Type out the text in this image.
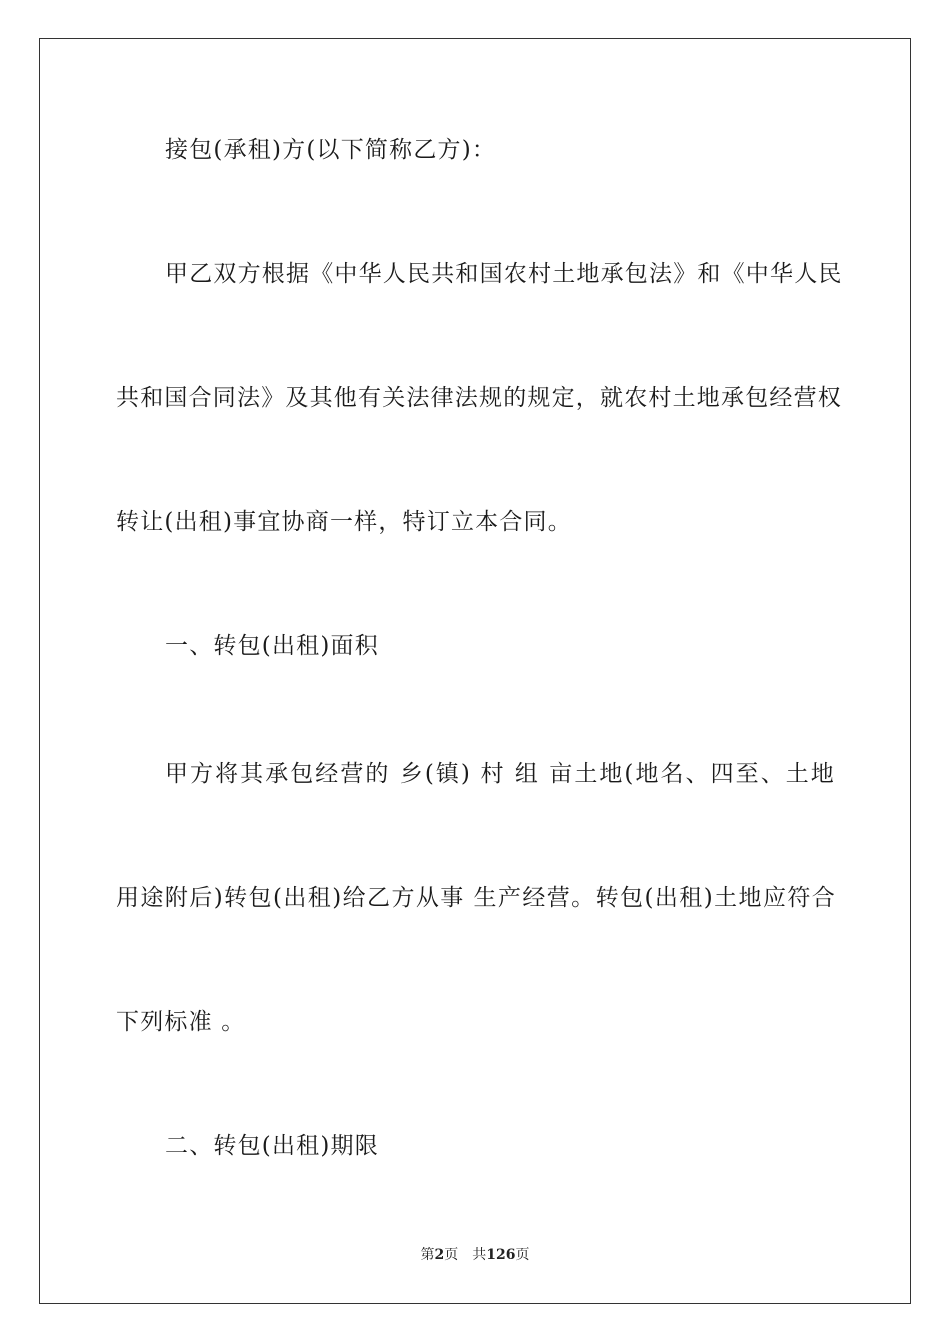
接包(承租)方(以下简称乙方)：
甲乙双方根据《中华人民共和国农村土地承包法》和《中华人民
共和国合同法》及其他有关法律法规的规定，就农村土地承包经营权
转让(出租)事宜协商一样，特订立本合同。
一、转包(出租)面积
甲方将其承包经营的 乡(镇) 村 组 亩土地(地名、四至、土地
用途附后)转包(出租)给乙方从事 生产经营。转包(出租)土地应符合
下列标准 。
二、转包(出租)期限
第2页　共126页
